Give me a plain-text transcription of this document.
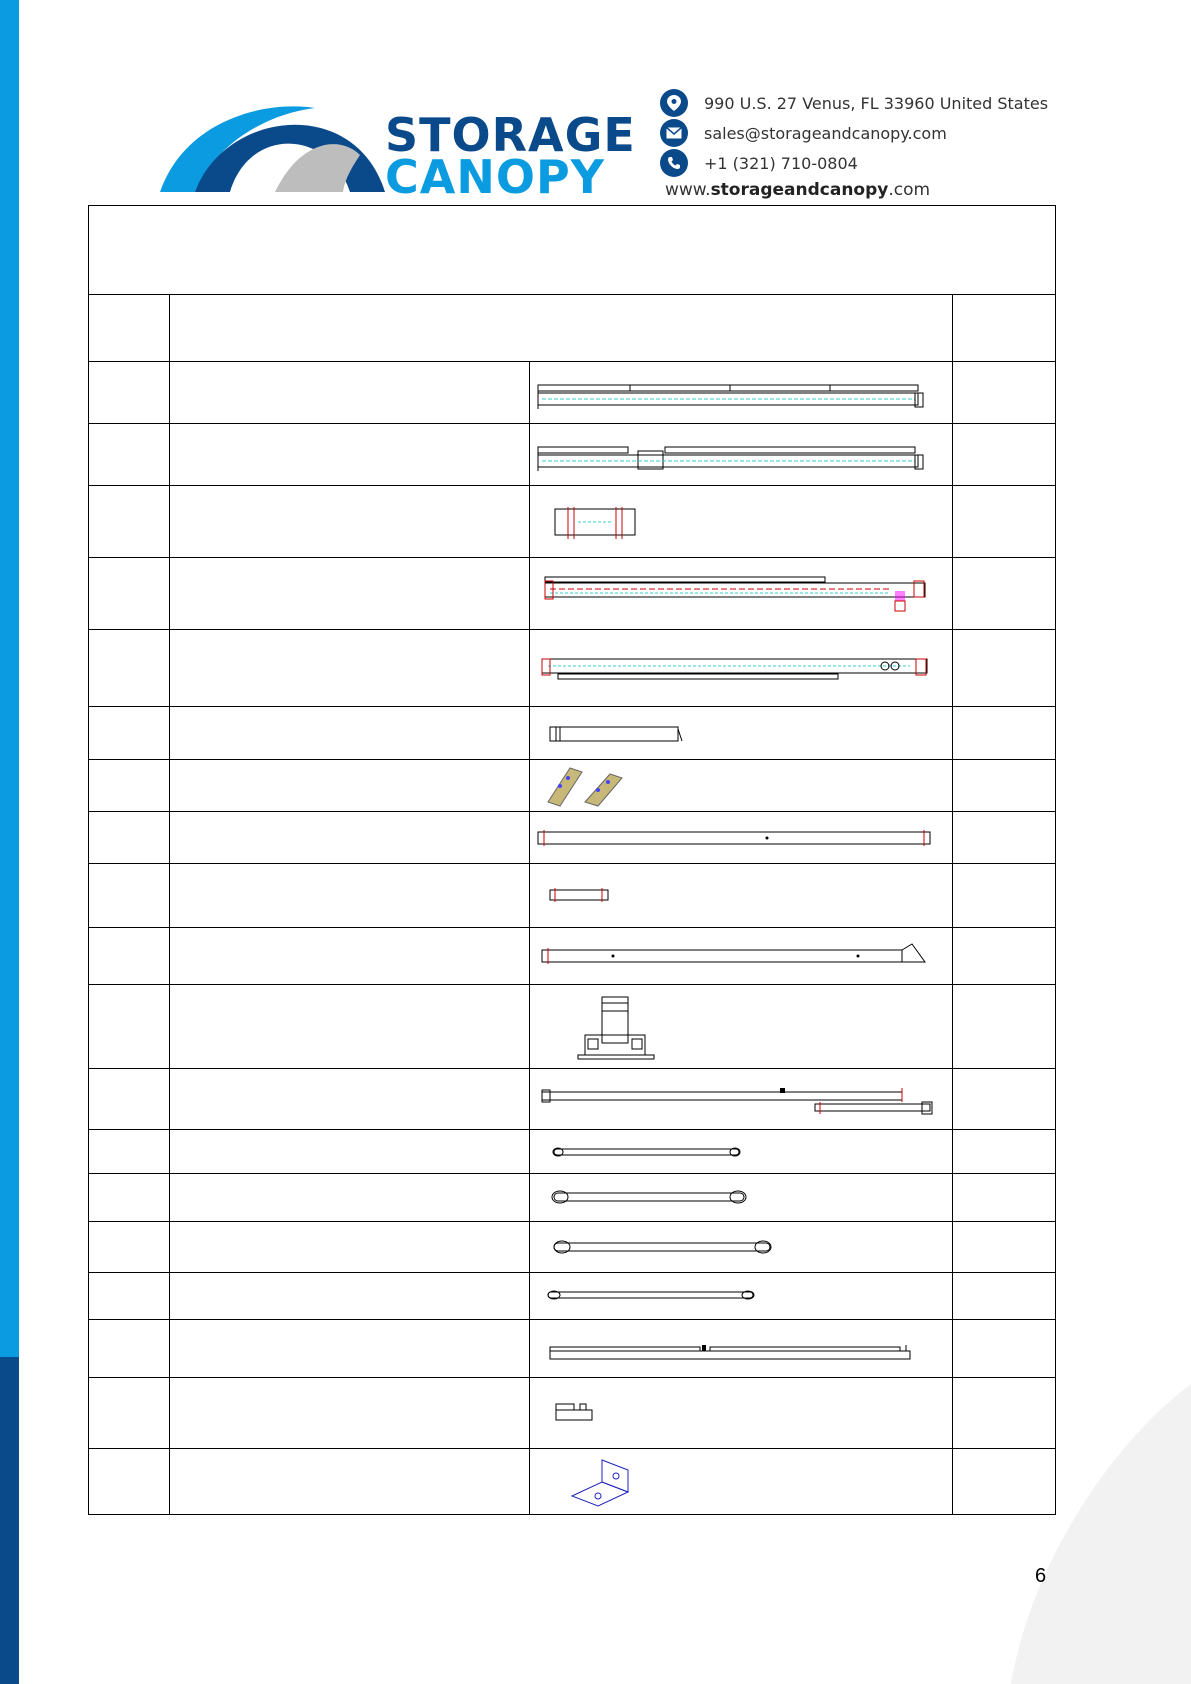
STORAGE
CANOPY
990 U.S. 27 Venus, FL 33960 United States
sales@storageandcanopy.com
+1 (321) 710-0804
www.storageandcanopy.com

6
